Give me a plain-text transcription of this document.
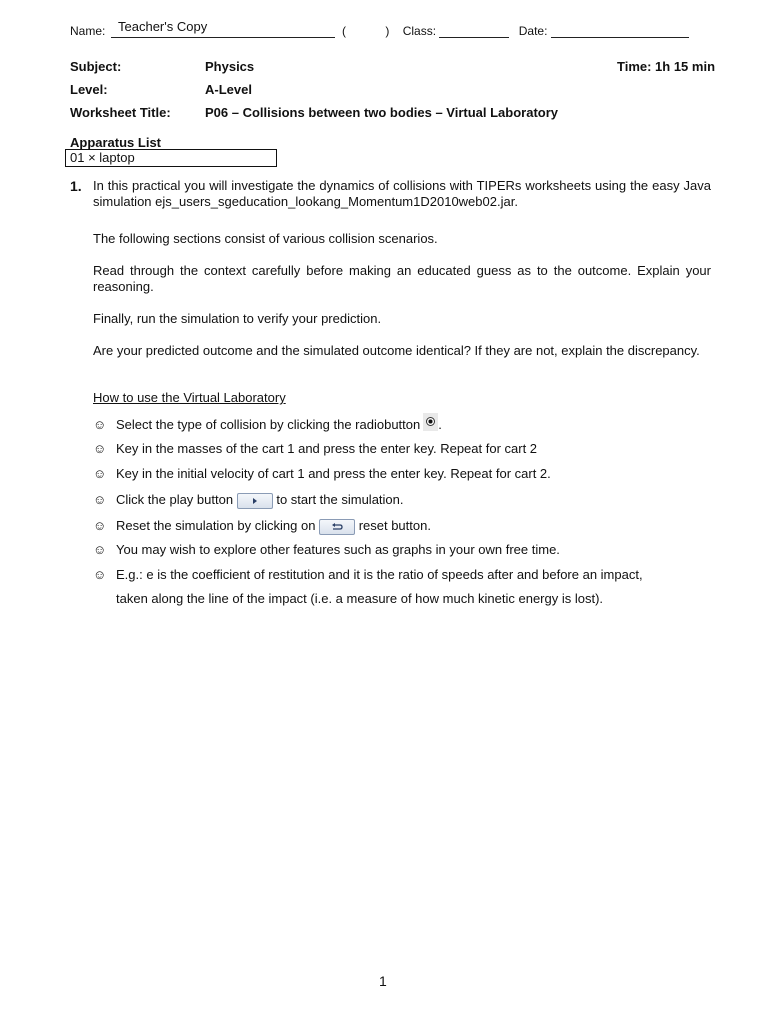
Name:	(	) Class:	Date:
Teacher's Copy
Subject:	Physics	Time: 1h 15 min
Level:	A-Level
Worksheet Title:	P06 – Collisions between two bodies – Virtual Laboratory
Apparatus List
01 × laptop
1. In this practical you will investigate the dynamics of collisions with TIPERs worksheets using the easy Java simulation ejs_users_sgeducation_lookang_Momentum1D2010web02.jar.
The following sections consist of various collision scenarios.
Read through the context carefully before making an educated guess as to the outcome. Explain your reasoning.
Finally, run the simulation to verify your prediction.
Are your predicted outcome and the simulated outcome identical? If they are not, explain the discrepancy.
How to use the Virtual Laboratory
☺ Select the type of collision by clicking the radiobutton .
☺ Key in the masses of the cart 1 and press the enter key. Repeat for cart 2
☺ Key in the initial velocity of cart 1 and press the enter key. Repeat for cart 2.
☺ Click the play button	to start the simulation.
☺ Reset the simulation by clicking on	reset button.
☺ You may wish to explore other features such as graphs in your own free time.
☺ E.g.: e is the coefficient of restitution and it is the ratio of speeds after and before an impact,
taken along the line of the impact (i.e. a measure of how much kinetic energy is lost).
1
